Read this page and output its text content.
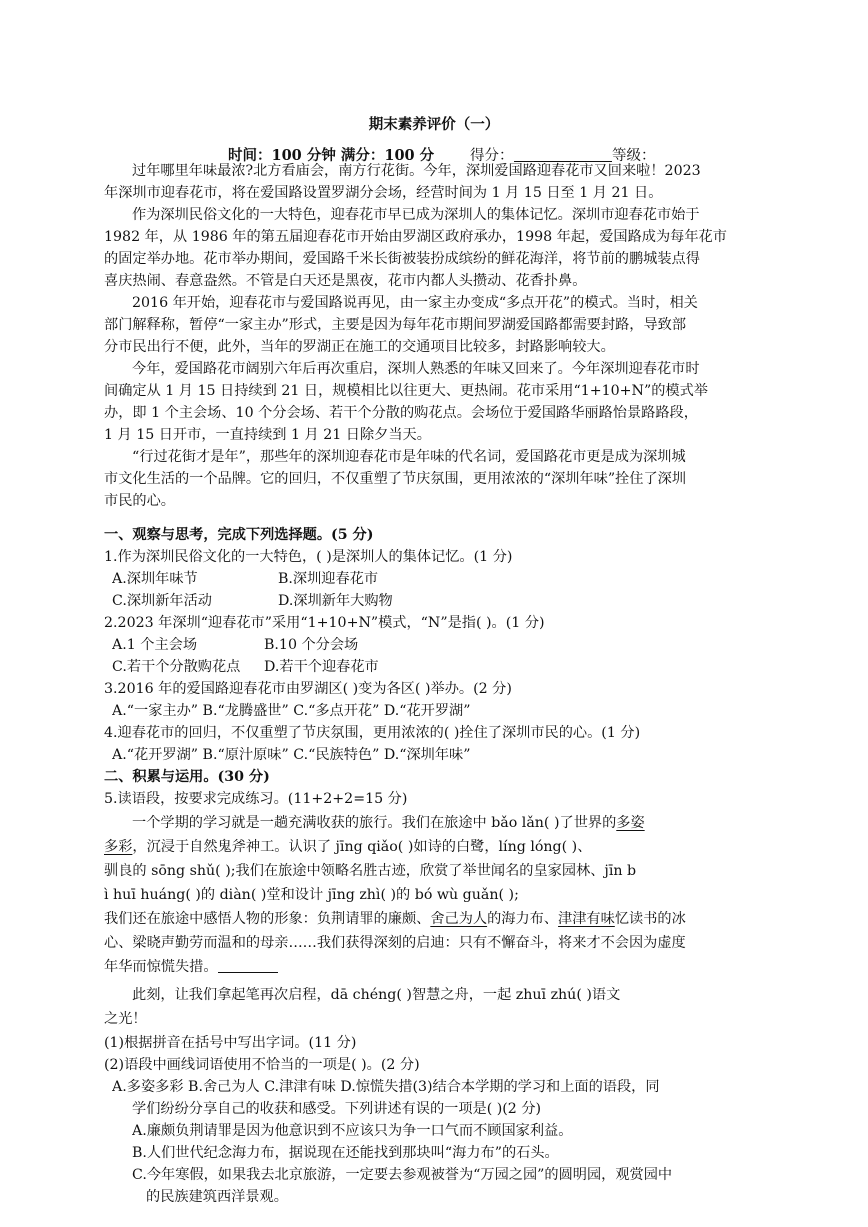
期末素养评价（一）
时间：100 分钟 满分：100 分 得分：	等级：
过年哪里年味最浓?北方看庙会，南方行花街。今年，深圳爱国路迎春花市又回来啦！2023
年深圳市迎春花市，将在爱国路设置罗湖分会场，经营时间为 1 月 15 日至 1 月 21 日。
作为深圳民俗文化的一大特色，迎春花市早已成为深圳人的集体记忆。深圳市迎春花市始于
1982 年，从 1986 年的第五届迎春花市开始由罗湖区政府承办，1998 年起，爱国路成为每年花市
的固定举办地。花市举办期间，爱国路千米长街被装扮成缤纷的鲜花海洋，将节前的鹏城装点得
喜庆热闹、春意盎然。不管是白天还是黑夜，花市内都人头攒动、花香扑鼻。
2016 年开始，迎春花市与爱国路说再见，由一家主办变成“多点开花”的模式。当时，相关
部门解释称，暂停“一家主办”形式，主要是因为每年花市期间罗湖爱国路都需要封路，导致部
分市民出行不便，此外，当年的罗湖正在施工的交通项目比较多，封路影响较大。
今年，爱国路花市阔别六年后再次重启，深圳人熟悉的年味又回来了。今年深圳迎春花市时
间确定从 1 月 15 日持续到 21 日，规模相比以往更大、更热闹。花市采用“1+10+N”的模式举
办，即 1 个主会场、10 个分会场、若干个分散的购花点。会场位于爱国路华丽路怡景路路段，
1 月 15 日开市，一直持续到 1 月 21 日除夕当天。
“行过花街才是年”，那些年的深圳迎春花市是年味的代名词，爱国路花市更是成为深圳城
市文化生活的一个品牌。它的回归，不仅重塑了节庆氛围，更用浓浓的“深圳年味”拴住了深圳
市民的心。
一、观察与思考，完成下列选择题。(5 分)
1.作为深圳民俗文化的一大特色，( )是深圳人的集体记忆。(1 分)
A.深圳年味节	B.深圳迎春花市
C.深圳新年活动	D.深圳新年大购物
2.2023 年深圳“迎春花市”采用“1+10+N”模式，“N”是指( )。(1 分)
A.1 个主会场	B.10 个分会场
C.若干个分散购花点 D.若干个迎春花市
3.2016 年的爱国路迎春花市由罗湖区( )变为各区( )举办。(2 分)
A.“一家主办” B.“龙腾盛世” C.“多点开花” D.“花开罗湖”
4.迎春花市的回归，不仅重塑了节庆氛围，更用浓浓的( )拴住了深圳市民的心。(1 分)
A.“花开罗湖” B.“原汁原味” C.“民族特色” D.“深圳年味”
二、积累与运用。(30 分)
5.读语段，按要求完成练习。(11+2+2=15 分)
一个学期的学习就是一趟充满收获的旅行。我们在旅途中 bǎo lǎn( )了世界的多姿
多彩，沉浸于自然鬼斧神工。认识了 jīng qiǎo( )如诗的白鹭，líng lóng( )、
驯良的 sōng shǔ( );我们在旅途中领略名胜古迹，欣赏了举世闻名的皇家园林、jīn b
ì huī huáng( )的 diàn( )堂和设计 jīng zhì( )的 bó wù guǎn( );
我们还在旅途中感悟人物的形象：负荆请罪的廉颇、舍己为人的海力布、津津有味忆读书的冰
心、梁晓声勤劳而温和的母亲……我们获得深刻的启迪：只有不懈奋斗，将来才不会因为虚度
年华而惊慌失措。
此刻，让我们拿起笔再次启程，dā chéng( )智慧之舟，一起 zhuī zhú( )语文
之光！
(1)根据拼音在括号中写出字词。(11 分)
(2)语段中画线词语使用不恰当的一项是( )。(2 分)
A.多姿多彩 B.舍己为人 C.津津有味 D.惊慌失措(3)结合本学期的学习和上面的语段，同
学们纷纷分享自己的收获和感受。下列讲述有误的一项是( )(2 分)
A.廉颇负荆请罪是因为他意识到不应该只为争一口气而不顾国家利益。
B.人们世代纪念海力布，据说现在还能找到那块叫“海力布”的石头。
C.今年寒假，如果我去北京旅游，一定要去参观被誉为“万园之园”的圆明园，观赏园中
的民族建筑西洋景观。
